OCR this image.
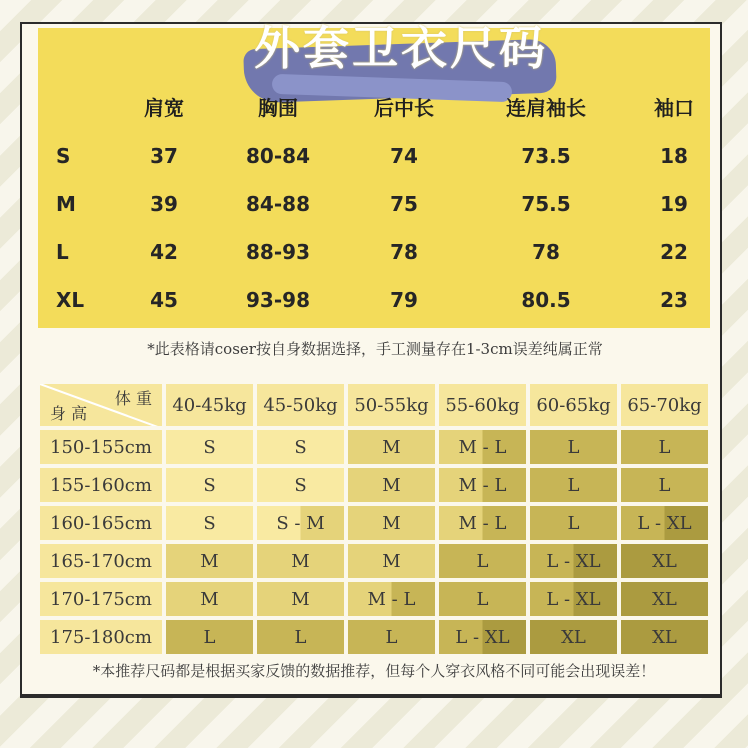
外套卫衣尺码
肩宽	胸围	后中长	连肩袖长	袖口
S	37	80-84	74	73.5	18
M	39	84-88	75	75.5	19
L	42	88-93	78	78	22
XL	45	93-98	79	80.5	23
*此表格请coser按自身数据选择，手工测量存在1-3cm误差纯属正常
体 重
身 高	40-45kg 45-50kg 50-55kg 55-60kg 60-65kg 65-70kg
150-155cm	S	S	M	M - L	L	L
155-160cm	S	S	M	M - L	L	L
160-165cm	S	S - M	M	M - L	L	L - XL
165-170cm	M	M	M	L	L - XL	XL
170-175cm	M	M	M - L	L	L - XL	XL
175-180cm	L	L	L	L - XL	XL	XL
*本推荐尺码都是根据买家反馈的数据推荐，但每个人穿衣风格不同可能会出现误差！
